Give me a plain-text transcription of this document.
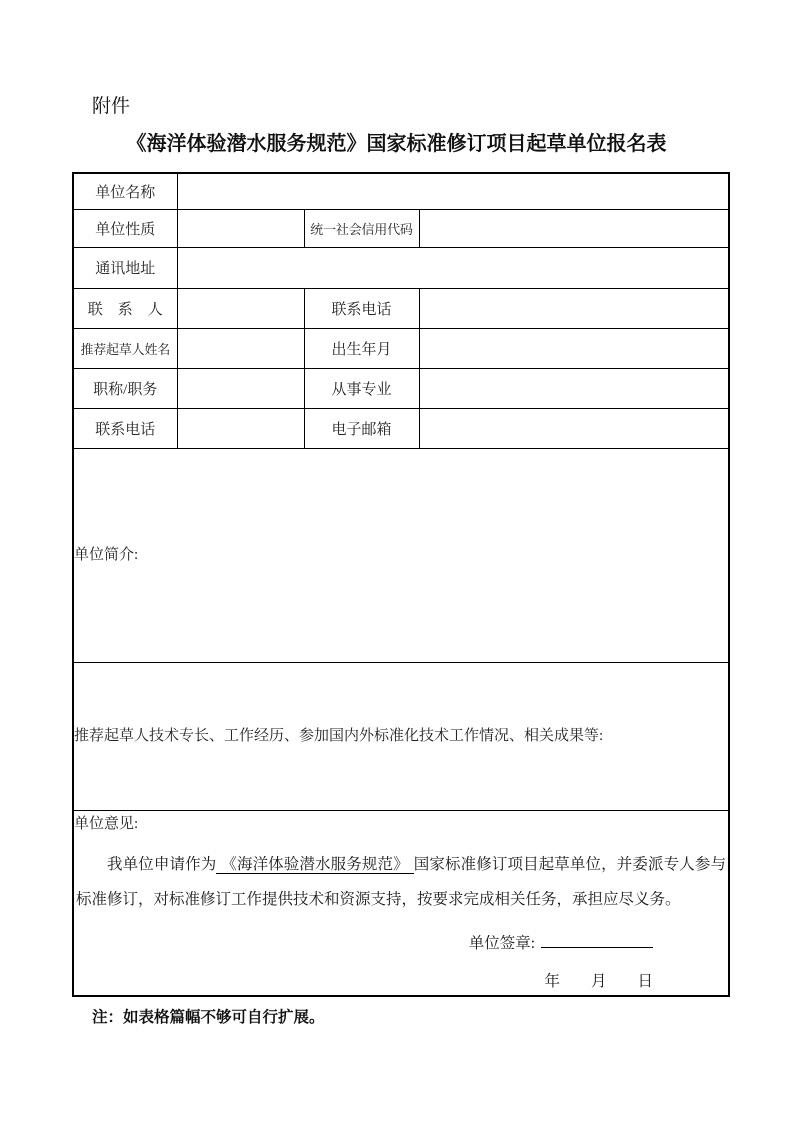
附件
《海洋体验潜水服务规范》国家标准修订项目起草单位报名表
单位名称			
单位性质		统一社会信用代码	
通讯地址			
联　系　人		联系电话	
推荐起草人姓名		出生年月	
职称/职务		从事专业	
联系电话		电子邮箱	

单位简介:			

推荐起草人技术专长、工作经历、参加国内外标准化技术工作情况、相关成果等:			

单位意见:

我单位申请作为 《海洋体验潜水服务规范》 国家标准修订项目起草单位，并委派专人参与标准修订，对标准修订工作提供技术和资源支持，按要求完成相关任务，承担应尽义务。

单位签章:
年　　月　　日			
注：如表格篇幅不够可自行扩展。
